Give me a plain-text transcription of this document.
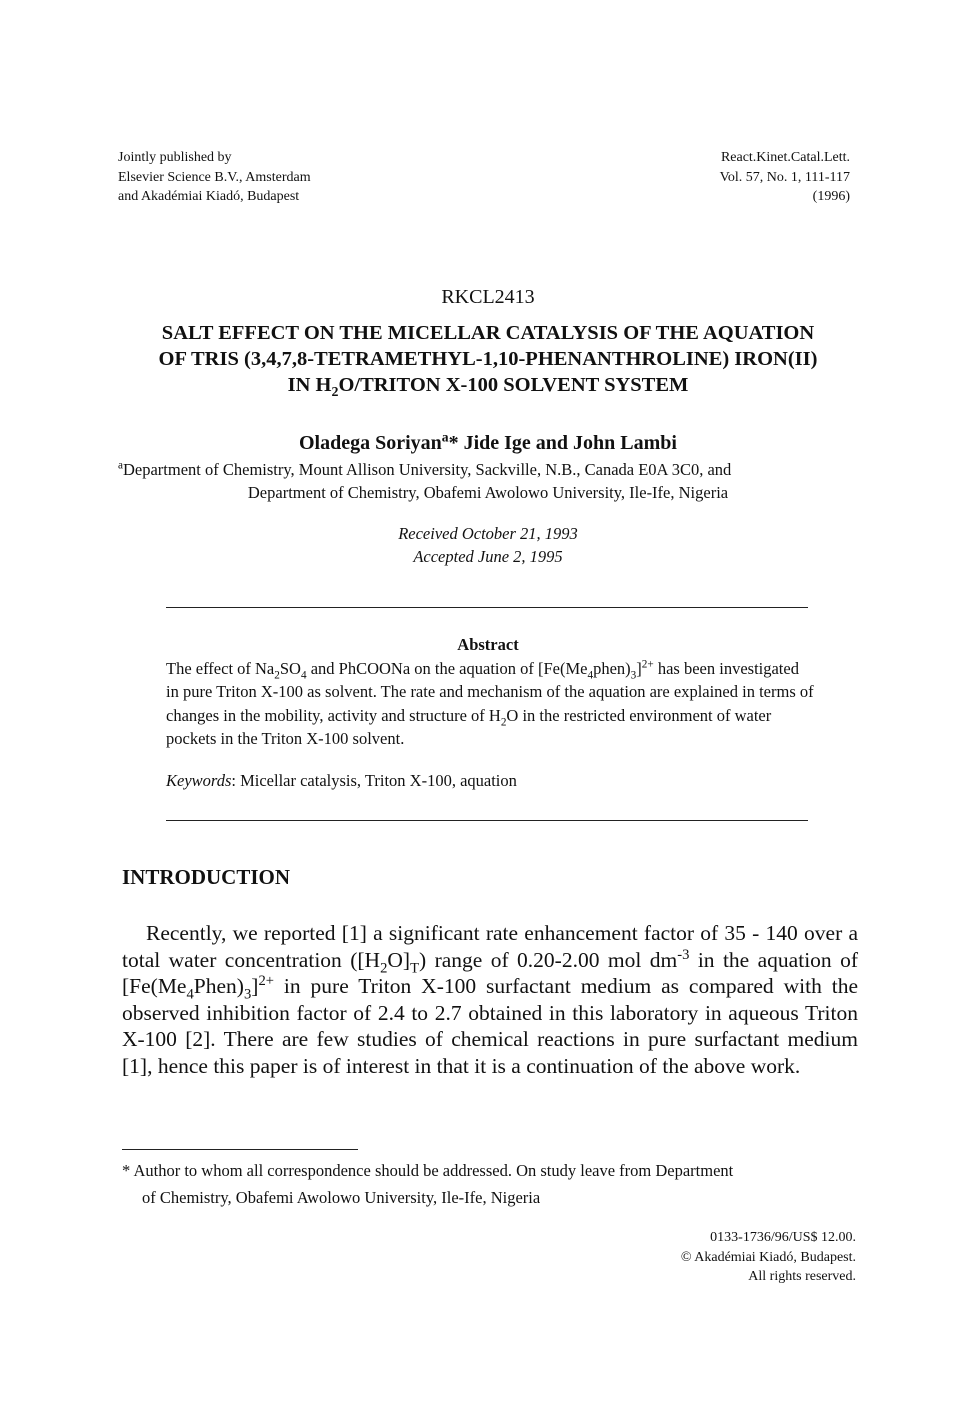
Jointly published by
Elsevier Science B.V., Amsterdam
and Akadémiai Kiadó, Budapest
React.Kinet.Catal.Lett.
Vol. 57, No. 1, 111-117
(1996)
RKCL2413
SALT EFFECT ON THE MICELLAR CATALYSIS OF THE AQUATION
OF TRIS (3,4,7,8-TETRAMETHYL-1,10-PHENANTHROLINE) IRON(II)
IN $H_2O$/TRITON X-100 SOLVENT SYSTEM
Oladega Soriyan$^a$* Jide Ige and John Lambi
$^a$Department of Chemistry, Mount Allison University, Sackville, N.B., Canada E0A 3C0, and
Department of Chemistry, Obafemi Awolowo University, Ile-Ife, Nigeria
Received October 21, 1993
Accepted June 2, 1995
Abstract
The effect of $Na_2SO_4$ and PhCOONa on the aquation of $[Fe(Me_4phen)_3]^{2+}$ has been investigated in pure Triton X-100 as solvent. The rate and mechanism of the aquation are explained in terms of changes in the mobility, activity and structure of $H_2O$ in the restricted environment of water pockets in the Triton X-100 solvent.
Keywords: Micellar catalysis, Triton X-100, aquation
INTRODUCTION
Recently, we reported [1] a significant rate enhancement factor of 35 - 140 over a total water concentration $([H_2O]_T)$ range of 0.20-2.00 mol $dm^{-3}$ in the aquation of $[Fe(Me_4Phen)_3]^{2+}$ in pure Triton X-100 surfactant medium as compared with the observed inhibition factor of 2.4 to 2.7 obtained in this laboratory in aqueous Triton X-100 [2]. There are few studies of chemical reactions in pure surfactant medium [1], hence this paper is of interest in that it is a continuation of the above work.
* Author to whom all correspondence should be addressed. On study leave from Department
of Chemistry, Obafemi Awolowo University, Ile-Ife, Nigeria
0133-1736/96/US$ 12.00.
© Akadémiai Kiadó, Budapest.
All rights reserved.
